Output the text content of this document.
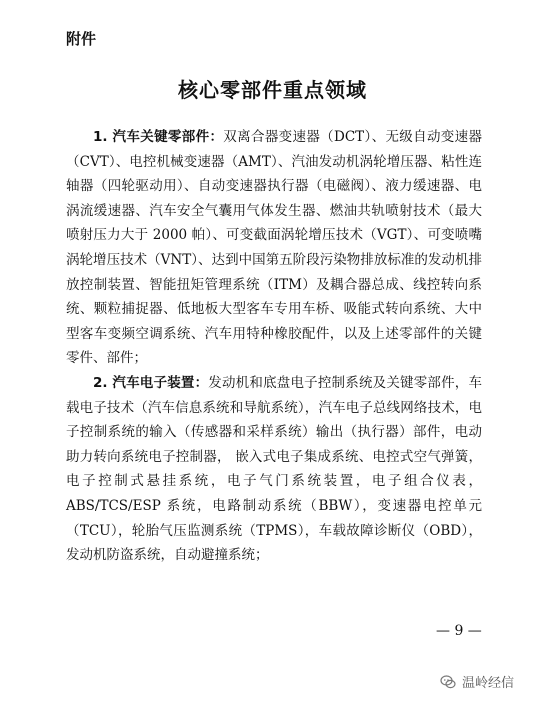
附件
核心零部件重点领域

1. 汽车关键零部件：双离合器变速器（DCT）、无级自动变速器（CVT）、电控机械变速器（AMT）、汽油发动机涡轮增压器、粘性连轴器（四轮驱动用）、自动变速器执行器（电磁阀）、液力缓速器、电涡流缓速器、汽车安全气囊用气体发生器、燃油共轨喷射技术（最大喷射压力大于 2000 帕）、可变截面涡轮增压技术（VGT）、可变喷嘴涡轮增压技术（VNT）、达到中国第五阶段污染物排放标准的发动机排放控制装置、智能扭矩管理系统（ITM）及耦合器总成、线控转向系统、颗粒捕捉器、低地板大型客车专用车桥、吸能式转向系统、大中型客车变频空调系统、汽车用特种橡胶配件，以及上述零部件的关键零件、部件；

2. 汽车电子装置：发动机和底盘电子控制系统及关键零部件，车载电子技术（汽车信息系统和导航系统），汽车电子总线网络技术，电子控制系统的输入（传感器和采样系统）输出（执行器）部件，电动助力转向系统电子控制器， 嵌入式电子集成系统、电控式空气弹簧，电子控制式悬挂系统，电子气门系统装置，电子组合仪表，ABS/TCS/ESP 系统，电路制动系统（BBW），变速器电控单元（TCU），轮胎气压监测系统（TPMS），车载故障诊断仪（OBD），发动机防盗系统，自动避撞系统；

— 9 —
温岭经信
